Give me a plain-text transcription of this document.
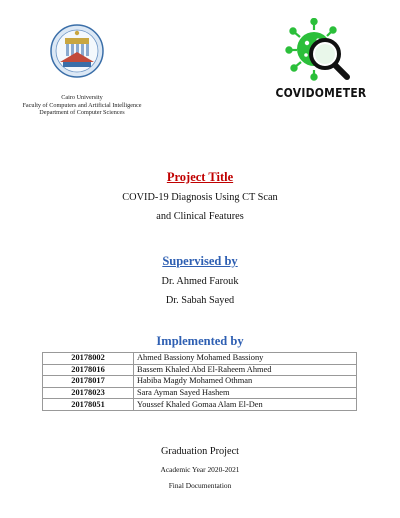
Cairo University
Faculty of Computers and Artificial Intelligence
Department of Computer Sciences
COVIDOMETER
Project Title
COVID-19 Diagnosis Using CT Scan
and Clinical Features
Supervised by
Dr. Ahmed Farouk
Dr. Sabah Sayed
Implemented by
20178002	Ahmed Bassiony Mohamed Bassiony
20178016	Bassem Khaled Abd El-Raheem Ahmed
20178017	Habiba Magdy Mohamed Othman
20178023	Sara Ayman Sayed Hashem
20178051	Youssef Khaled Gomaa Alam El-Den
Graduation Project
Academic Year 2020-2021
Final Documentation
